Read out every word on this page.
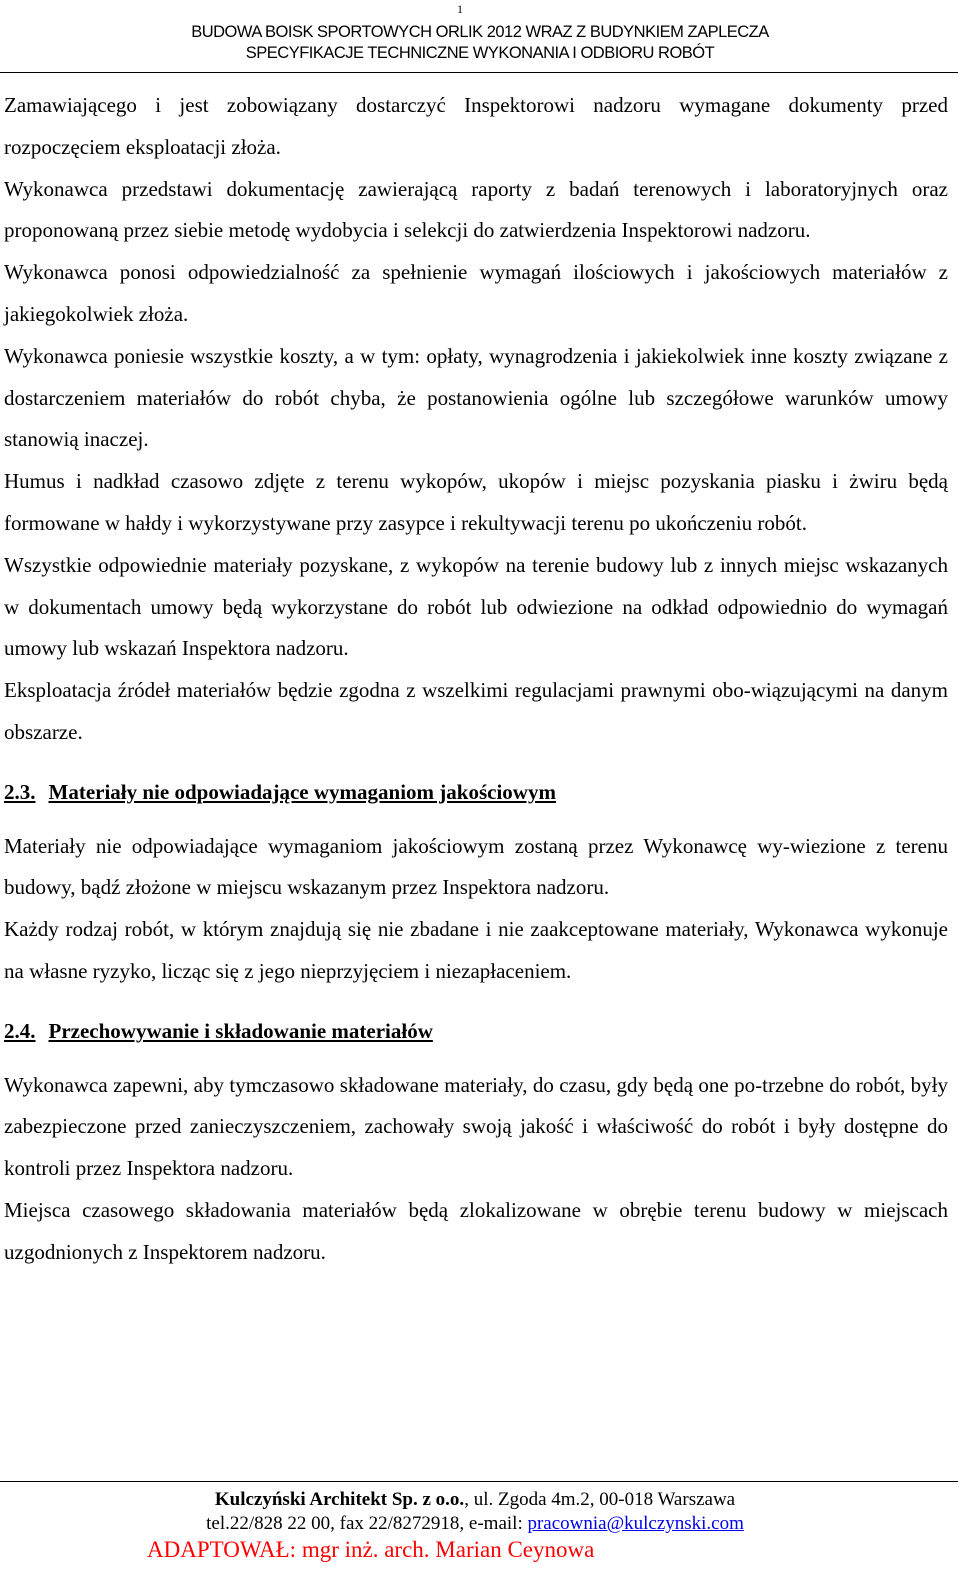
1
BUDOWA BOISK SPORTOWYCH ORLIK 2012 WRAZ Z BUDYNKIEM ZAPLECZA
SPECYFIKACJE TECHNICZNE WYKONANIA I ODBIORU ROBÓT

Zamawiającego i jest zobowiązany dostarczyć Inspektorowi nadzoru wymagane dokumenty przed rozpoczęciem eksploatacji złoża.

Wykonawca przedstawi dokumentację zawierającą raporty z badań terenowych i laboratoryjnych oraz proponowaną przez siebie metodę wydobycia i selekcji do zatwierdzenia Inspektorowi nadzoru.

Wykonawca ponosi odpowiedzialność za spełnienie wymagań ilościowych i jakościowych materiałów z jakiegokolwiek złoża.

Wykonawca poniesie wszystkie koszty, a w tym: opłaty, wynagrodzenia i jakiekolwiek inne koszty związane z dostarczeniem materiałów do robót chyba, że postanowienia ogólne lub szczegółowe warunków umowy stanowią inaczej.

Humus i nadkład czasowo zdjęte z terenu wykopów, ukopów i miejsc pozyskania piasku i żwiru będą formowane w hałdy i wykorzystywane przy zasypce i rekultywacji terenu po ukończeniu robót.

Wszystkie odpowiednie materiały pozyskane, z wykopów na terenie budowy lub z innych miejsc wskazanych w dokumentach umowy będą wykorzystane do robót lub odwiezione na odkład odpowiednio do wymagań umowy lub wskazań Inspektora nadzoru.

Eksploatacja źródeł materiałów będzie zgodna z wszelkimi regulacjami prawnymi obo-wiązującymi na danym obszarze.

2.3. Materiały nie odpowiadające wymaganiom jakościowym

Materiały nie odpowiadające wymaganiom jakościowym zostaną przez Wykonawcę wy-wiezione z terenu budowy, bądź złożone w miejscu wskazanym przez Inspektora nadzoru.

Każdy rodzaj robót, w którym znajdują się nie zbadane i nie zaakceptowane materiały, Wykonawca wykonuje na własne ryzyko, licząc się z jego nieprzyjęciem i niezapłaceniem.

2.4. Przechowywanie i składowanie materiałów

Wykonawca zapewni, aby tymczasowo składowane materiały, do czasu, gdy będą one po-trzebne do robót, były zabezpieczone przed zanieczyszczeniem, zachowały swoją jakość i właściwość do robót i były dostępne do kontroli przez Inspektora nadzoru.

Miejsca czasowego składowania materiałów będą zlokalizowane w obrębie terenu budowy w miejscach uzgodnionych z Inspektorem nadzoru.

Kulczyński Architekt Sp. z o.o., ul. Zgoda 4m.2, 00-018 Warszawa
tel.22/828 22 00, fax 22/8272918, e-mail: pracownia@kulczynski.com
ADAPTOWAŁ: mgr inż. arch. Marian Ceynowa
